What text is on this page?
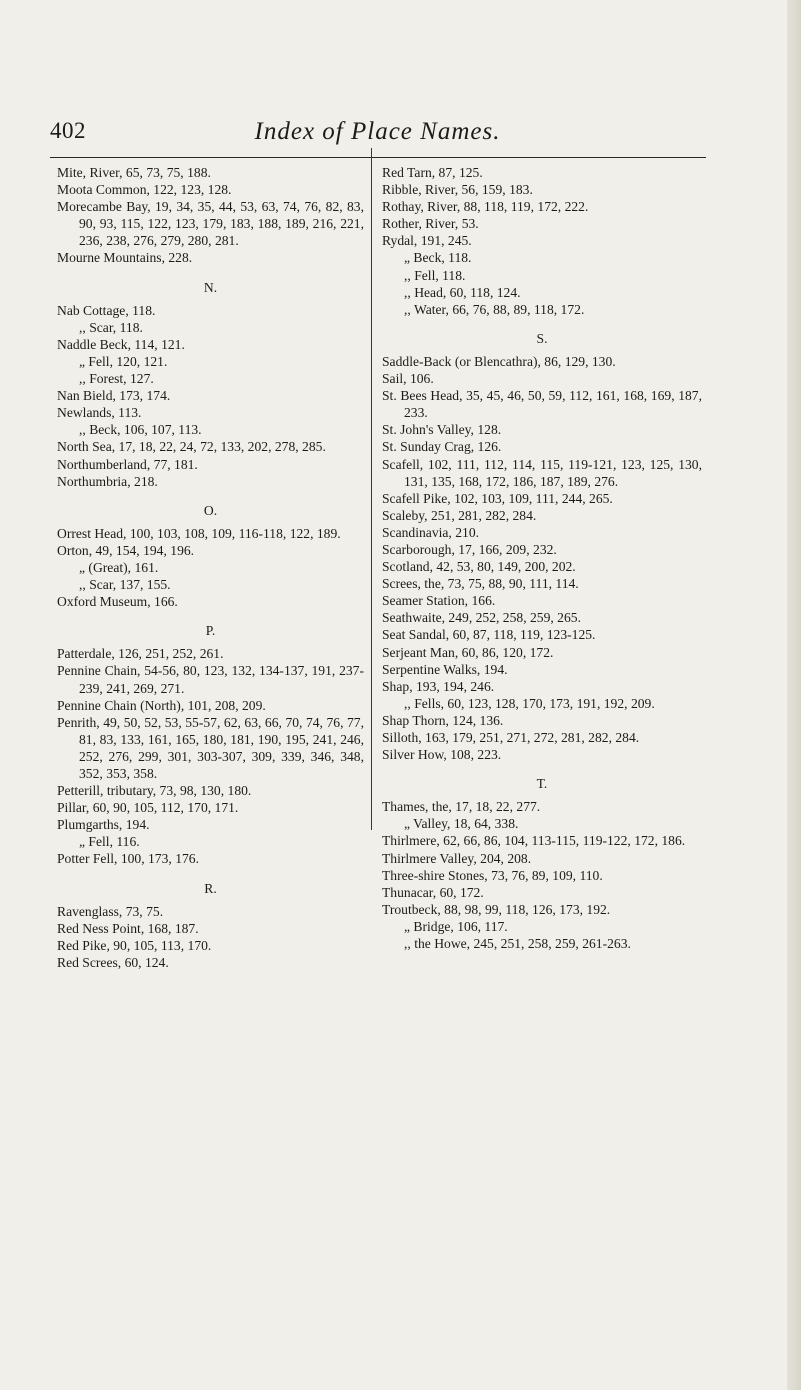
402	Index of Place Names.
Mite, River, 65, 73, 75, 188.
Moota Common, 122, 123, 128.
Morecambe Bay, 19, 34, 35, 44, 53, 63, 74, 76, 82, 83, 90, 93, 115, 122, 123, 179, 183, 188, 189, 216, 221, 236, 238, 276, 279, 280, 281.
Mourne Mountains, 228.
N.
Nab Cottage, 118.
,, Scar, 118.
Naddle Beck, 114, 121.
„ Fell, 120, 121.
,, Forest, 127.
Nan Bield, 173, 174.
Newlands, 113.
,, Beck, 106, 107, 113.
North Sea, 17, 18, 22, 24, 72, 133, 202, 278, 285.
Northumberland, 77, 181.
Northumbria, 218.
O.
Orrest Head, 100, 103, 108, 109, 116-118, 122, 189.
Orton, 49, 154, 194, 196.
„ (Great), 161.
,, Scar, 137, 155.
Oxford Museum, 166.
P.
Patterdale, 126, 251, 252, 261.
Pennine Chain, 54-56, 80, 123, 132, 134-137, 191, 237-239, 241, 269, 271.
Pennine Chain (North), 101, 208, 209.
Penrith, 49, 50, 52, 53, 55-57, 62, 63, 66, 70, 74, 76, 77, 81, 83, 133, 161, 165, 180, 181, 190, 195, 241, 246, 252, 276, 299, 301, 303-307, 309, 339, 346, 348, 352, 353, 358.
Petterill, tributary, 73, 98, 130, 180.
Pillar, 60, 90, 105, 112, 170, 171.
Plumgarths, 194.
„ Fell, 116.
Potter Fell, 100, 173, 176.
R.
Ravenglass, 73, 75.
Red Ness Point, 168, 187.
Red Pike, 90, 105, 113, 170.
Red Screes, 60, 124.
Red Tarn, 87, 125.
Ribble, River, 56, 159, 183.
Rothay, River, 88, 118, 119, 172, 222.
Rother, River, 53.
Rydal, 191, 245.
„ Beck, 118.
,, Fell, 118.
,, Head, 60, 118, 124.
,, Water, 66, 76, 88, 89, 118, 172.
S.
Saddle-Back (or Blencathra), 86, 129, 130.
Sail, 106.
St. Bees Head, 35, 45, 46, 50, 59, 112, 161, 168, 169, 187, 233.
St. John's Valley, 128.
St. Sunday Crag, 126.
Scafell, 102, 111, 112, 114, 115, 119-121, 123, 125, 130, 131, 135, 168, 172, 186, 187, 189, 276.
Scafell Pike, 102, 103, 109, 111, 244, 265.
Scaleby, 251, 281, 282, 284.
Scandinavia, 210.
Scarborough, 17, 166, 209, 232.
Scotland, 42, 53, 80, 149, 200, 202.
Screes, the, 73, 75, 88, 90, 111, 114.
Seamer Station, 166.
Seathwaite, 249, 252, 258, 259, 265.
Seat Sandal, 60, 87, 118, 119, 123-125.
Serjeant Man, 60, 86, 120, 172.
Serpentine Walks, 194.
Shap, 193, 194, 246.
,, Fells, 60, 123, 128, 170, 173, 191, 192, 209.
Shap Thorn, 124, 136.
Silloth, 163, 179, 251, 271, 272, 281, 282, 284.
Silver How, 108, 223.
T.
Thames, the, 17, 18, 22, 277.
„ Valley, 18, 64, 338.
Thirlmere, 62, 66, 86, 104, 113-115, 119-122, 172, 186.
Thirlmere Valley, 204, 208.
Three-shire Stones, 73, 76, 89, 109, 110.
Thunacar, 60, 172.
Troutbeck, 88, 98, 99, 118, 126, 173, 192.
„ Bridge, 106, 117.
,, the Howe, 245, 251, 258, 259, 261-263.
